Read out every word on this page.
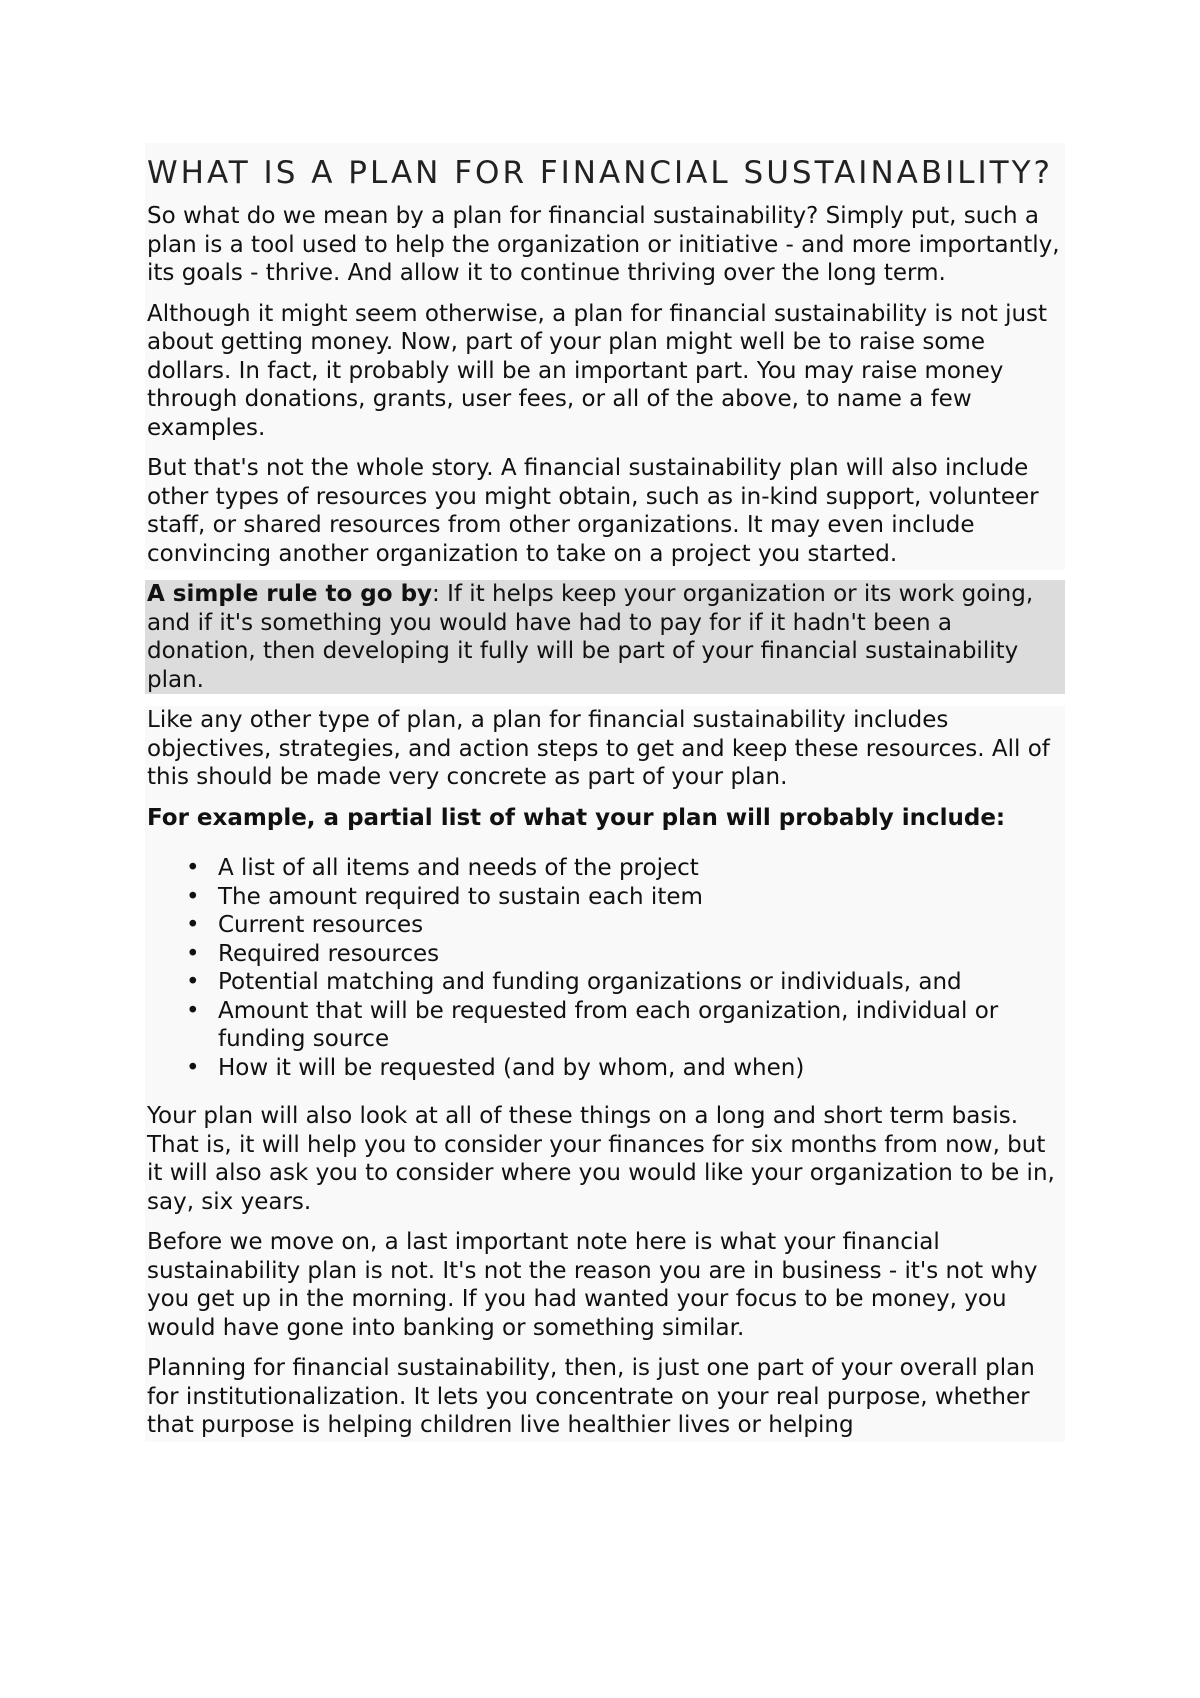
WHAT IS A PLAN FOR FINANCIAL SUSTAINABILITY?

So what do we mean by a plan for financial sustainability? Simply put, such a plan is a tool used to help the organization or initiative - and more importantly, its goals - thrive. And allow it to continue thriving over the long term.

Although it might seem otherwise, a plan for financial sustainability is not just about getting money. Now, part of your plan might well be to raise some dollars. In fact, it probably will be an important part. You may raise money through donations, grants, user fees, or all of the above, to name a few examples.

But that's not the whole story. A financial sustainability plan will also include other types of resources you might obtain, such as in-kind support, volunteer staff, or shared resources from other organizations. It may even include convincing another organization to take on a project you started.

A simple rule to go by: If it helps keep your organization or its work going, and if it's something you would have had to pay for if it hadn't been a donation, then developing it fully will be part of your financial sustainability plan.

Like any other type of plan, a plan for financial sustainability includes objectives, strategies, and action steps to get and keep these resources. All of this should be made very concrete as part of your plan.

For example, a partial list of what your plan will probably include:

• A list of all items and needs of the project
• The amount required to sustain each item
• Current resources
• Required resources
• Potential matching and funding organizations or individuals, and
• Amount that will be requested from each organization, individual or funding source
• How it will be requested (and by whom, and when)

Your plan will also look at all of these things on a long and short term basis. That is, it will help you to consider your finances for six months from now, but it will also ask you to consider where you would like your organization to be in, say, six years.

Before we move on, a last important note here is what your financial sustainability plan is not. It's not the reason you are in business - it's not why you get up in the morning. If you had wanted your focus to be money, you would have gone into banking or something similar.

Planning for financial sustainability, then, is just one part of your overall plan for institutionalization. It lets you concentrate on your real purpose, whether that purpose is helping children live healthier lives or helping
